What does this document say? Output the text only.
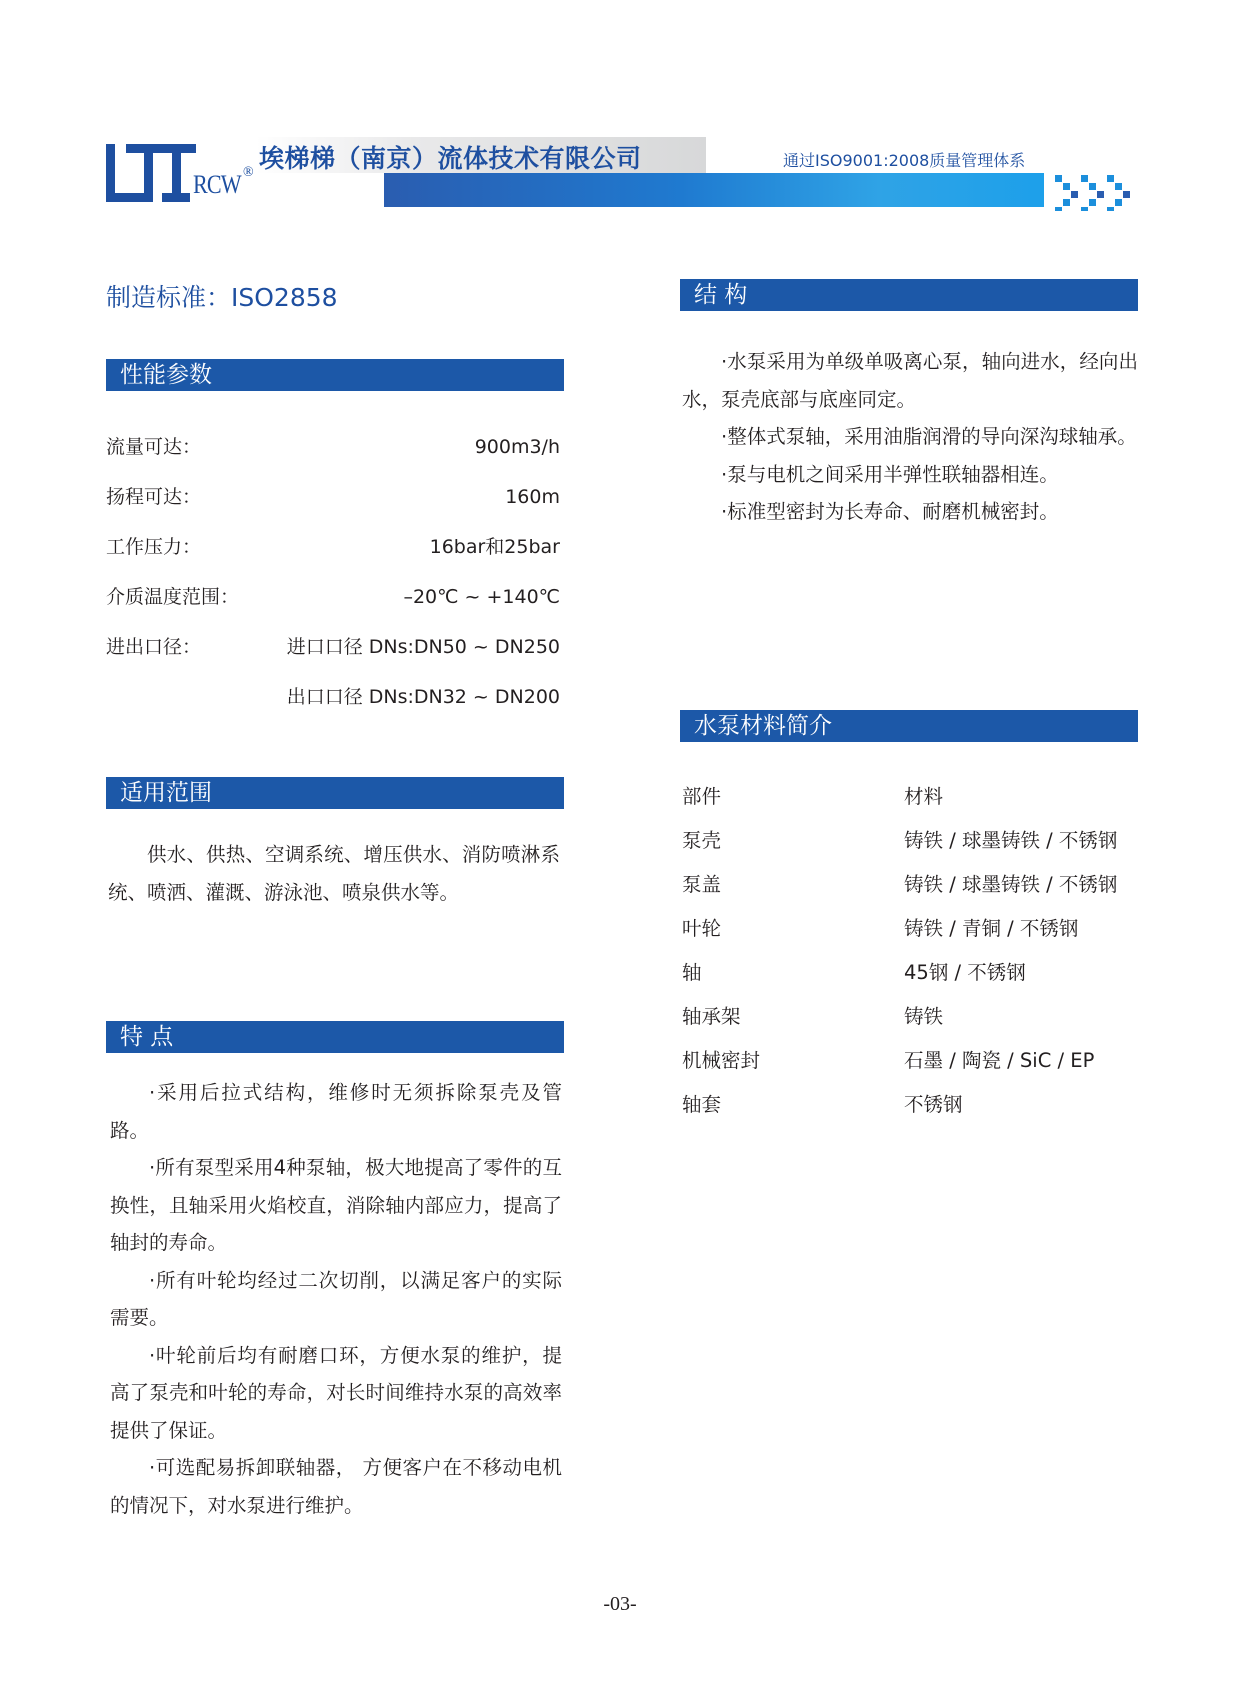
RCW ® 埃梯梯（南京）流体技术有限公司	通过ISO9001:2008质量管理体系
制造标准：ISO2858
性能参数
流量可达：	900m3/h
扬程可达：	160m
工作压力：	16bar和25bar
介质温度范围：	–20℃ ~ +140℃
进出口径：	进口口径 DNs:DN50 ~ DN250
出口口径 DNs:DN32 ~ DN200
适用范围

供水、供热、空调系统、增压供水、消防喷淋系统、喷洒、灌溉、游泳池、喷泉供水等。

特 点

·采用后拉式结构，维修时无须拆除泵壳及管路。

·所有泵型采用4种泵轴，极大地提高了零件的互换性，且轴采用火焰校直，消除轴内部应力，提高了轴封的寿命。

·所有叶轮均经过二次切削，以满足客户的实际需要。

·叶轮前后均有耐磨口环，方便水泵的维护，提高了泵壳和叶轮的寿命，对长时间维持水泵的高效率提供了保证。

·可选配易拆卸联轴器， 方便客户在不移动电机的情况下，对水泵进行维护。

结 构

·水泵采用为单级单吸离心泵，轴向进水，经向出水，泵壳底部与底座同定。

·整体式泵轴，采用油脂润滑的导向深沟球轴承。

·泵与电机之间采用半弹性联轴器相连。

·标准型密封为长寿命、耐磨机械密封。

水泵材料简介
部件	材料
泵壳	铸铁 / 球墨铸铁 / 不锈钢
泵盖	铸铁 / 球墨铸铁 / 不锈钢
叶轮	铸铁 / 青铜 / 不锈钢
轴	45钢 / 不锈钢
轴承架	铸铁
机械密封	石墨 / 陶瓷 / SiC / EP
轴套	不锈钢
-03-
